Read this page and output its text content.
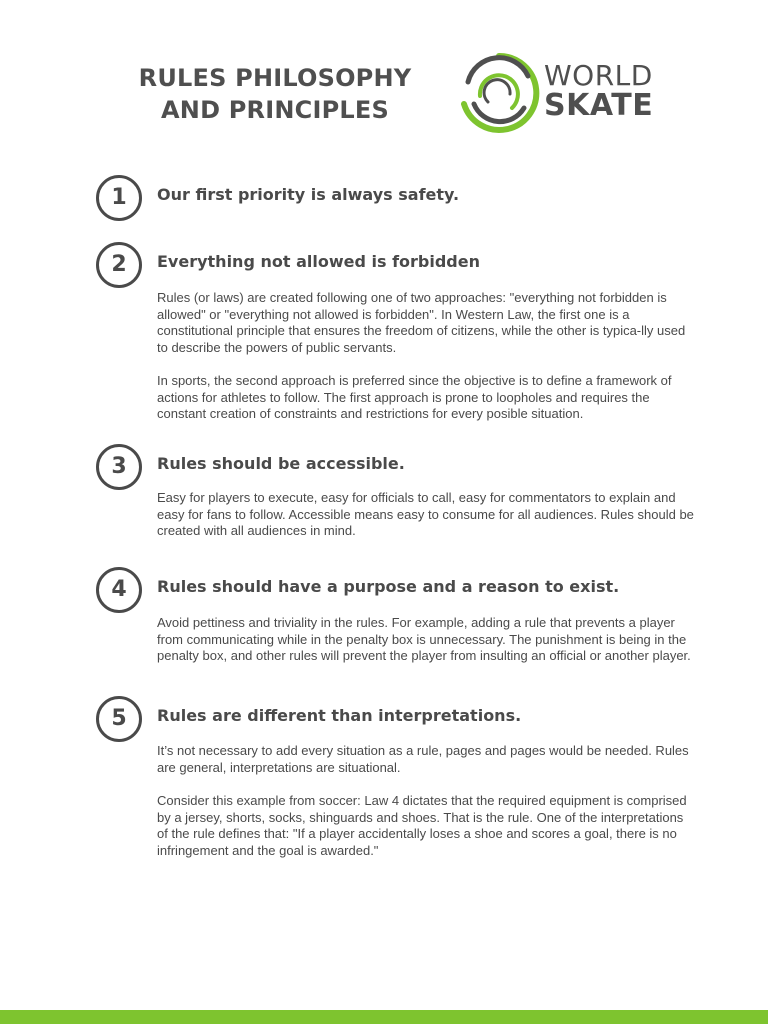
RULES PHILOSOPHY
AND PRINCIPLES
WORLD
SKATE
1	Our first priority is always safety.
2	Everything not allowed is forbidden

Rules (or laws) are created following one of two approaches: "everything not forbidden is allowed" or "everything not allowed is forbidden". In Western Law, the first one is a constitutional principle that ensures the freedom of citizens, while the other is typica-lly used to describe the powers of public servants.

In sports, the second approach is preferred since the objective is to define a framework of actions for athletes to follow. The first approach is prone to loopholes and requires the constant creation of constraints and restrictions for every posible situation.

3	Rules should be accessible.

Easy for players to execute, easy for officials to call, easy for commentators to explain and easy for fans to follow. Accessible means easy to consume for all audiences. Rules should be created with all audiences in mind.

4	Rules should have a purpose and a reason to exist.

Avoid pettiness and triviality in the rules. For example, adding a rule that prevents a player from communicating while in the penalty box is unnecessary. The punishment is being in the penalty box, and other rules will prevent the player from insulting an official or another player.

5	Rules are different than interpretations.

It’s not necessary to add every situation as a rule, pages and pages would be needed. Rules are general, interpretations are situational.

Consider this example from soccer: Law 4 dictates that the required equipment is comprised by a jersey, shorts, socks, shinguards and shoes. That is the rule. One of the interpretations of the rule defines that: "If a player accidentally loses a shoe and scores a goal, there is no infringement and the goal is awarded."
